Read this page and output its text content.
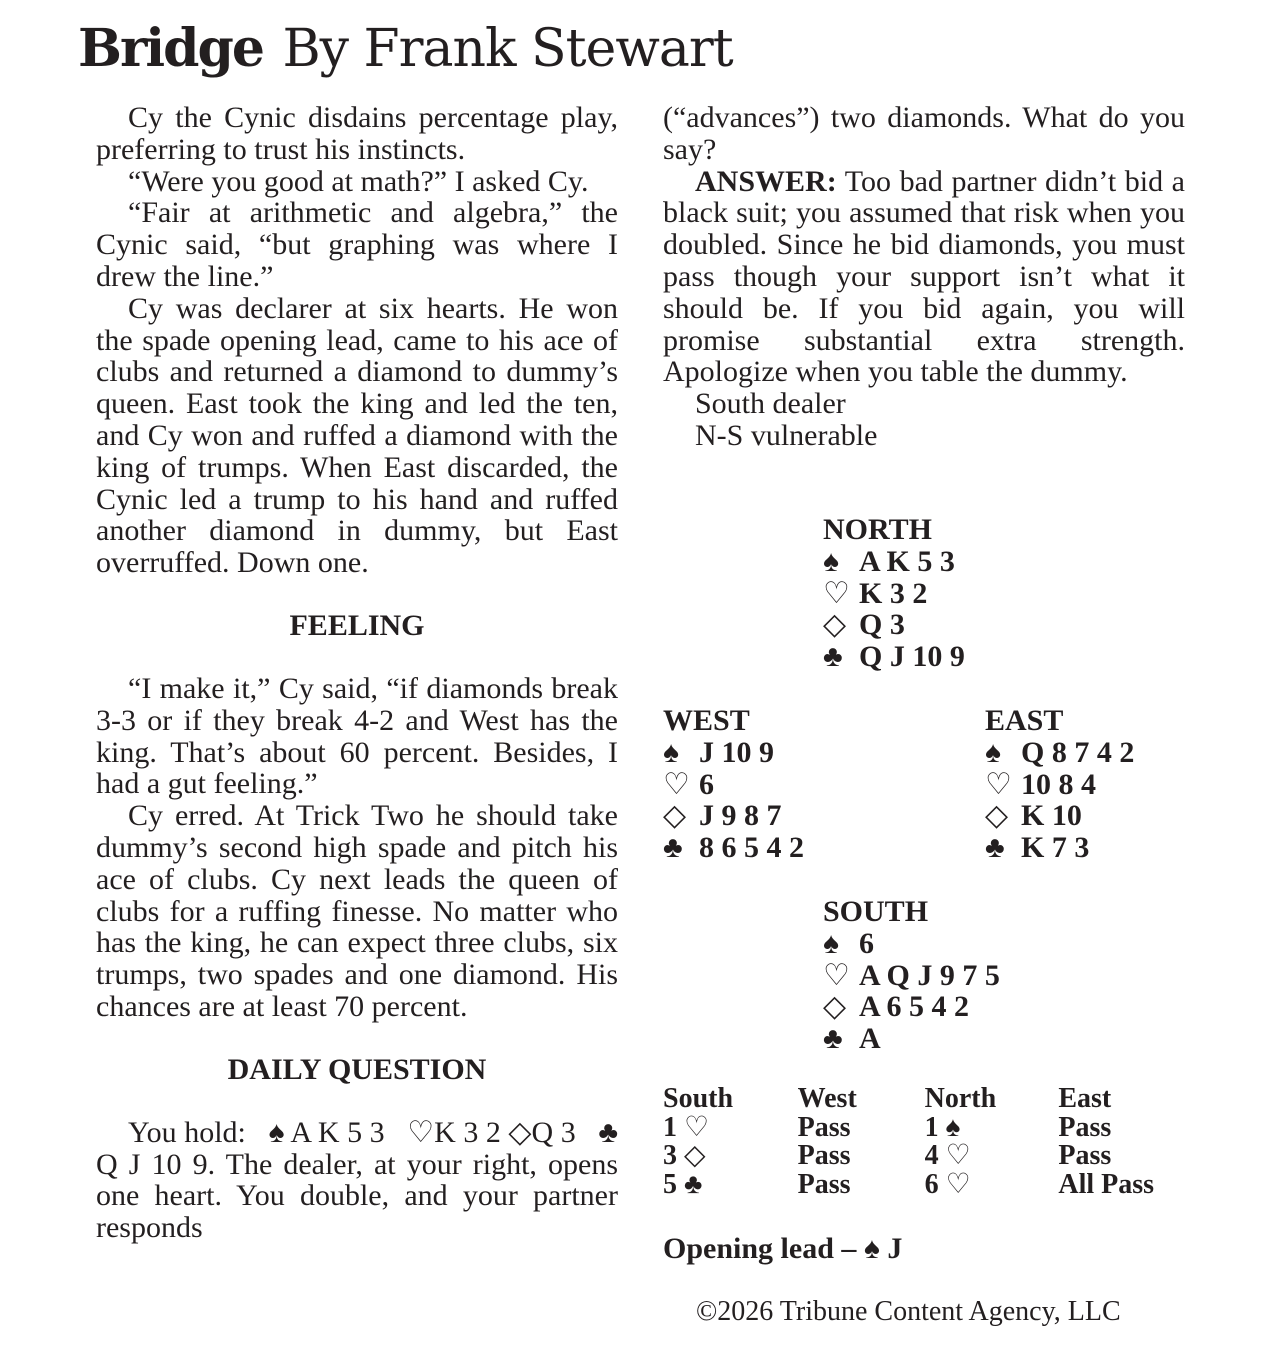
Bridge By Frank Stewart

Cy the Cynic disdains percentage play, preferring to trust his instincts.

“Were you good at math?” I asked Cy.

“Fair at arithmetic and algebra,” the Cynic said, “but graphing was where I drew the line.”

Cy was declarer at six hearts. He won the spade opening lead, came to his ace of clubs and returned a diamond to dummy’s queen. East took the king and led the ten, and Cy won and ruffed a diamond with the king of trumps. When East discarded, the Cynic led a trump to his hand and ruffed another diamond in dummy, but East overruffed. Down one.

FEELING

“I make it,” Cy said, “if diamonds break 3-3 or if they break 4-2 and West has the king. That’s about 60 percent. Besides, I had a gut feeling.”

Cy erred. At Trick Two he should take dummy’s second high spade and pitch his ace of clubs. Cy next leads the queen of clubs for a ruffing finesse. No matter who has the king, he can expect three clubs, six trumps, two spades and one diamond. His chances are at least 70 percent.

DAILY QUESTION

You hold: ♠ A K 5 3 ♡K 3 2 ◇Q 3 ♣ Q J 10 9. The dealer, at your right, opens one heart. You double, and your partner responds

(“advances”) two diamonds. What do you say?

ANSWER: Too bad partner didn’t bid a black suit; you assumed that risk when you doubled. Since he bid diamonds, you must pass though your support isn’t what it should be. If you bid again, you will promise substantial extra strength. Apologize when you table the dummy.

South dealer
N-S vulnerable
NORTH
♠ A K 5 3
♡ K 3 2
◇ Q 3
♣ Q J 10 9
WEST
♠ J 10 9
♡ 6
◇ J 9 8 7
♣ 8 6 5 4 2
EAST
♠ Q 8 7 4 2
♡ 10 8 4
◇ K 10
♣ K 7 3
SOUTH
♠ 6
♡ A Q J 9 7 5
◇ A 6 5 4 2
♣ A
South	West	North	East
1 ♡	Pass	1 ♠	Pass
3 ◇	Pass	4 ♡	Pass
5 ♣	Pass	6 ♡	All Pass
Opening lead – ♠ J
©2026 Tribune Content Agency, LLC
